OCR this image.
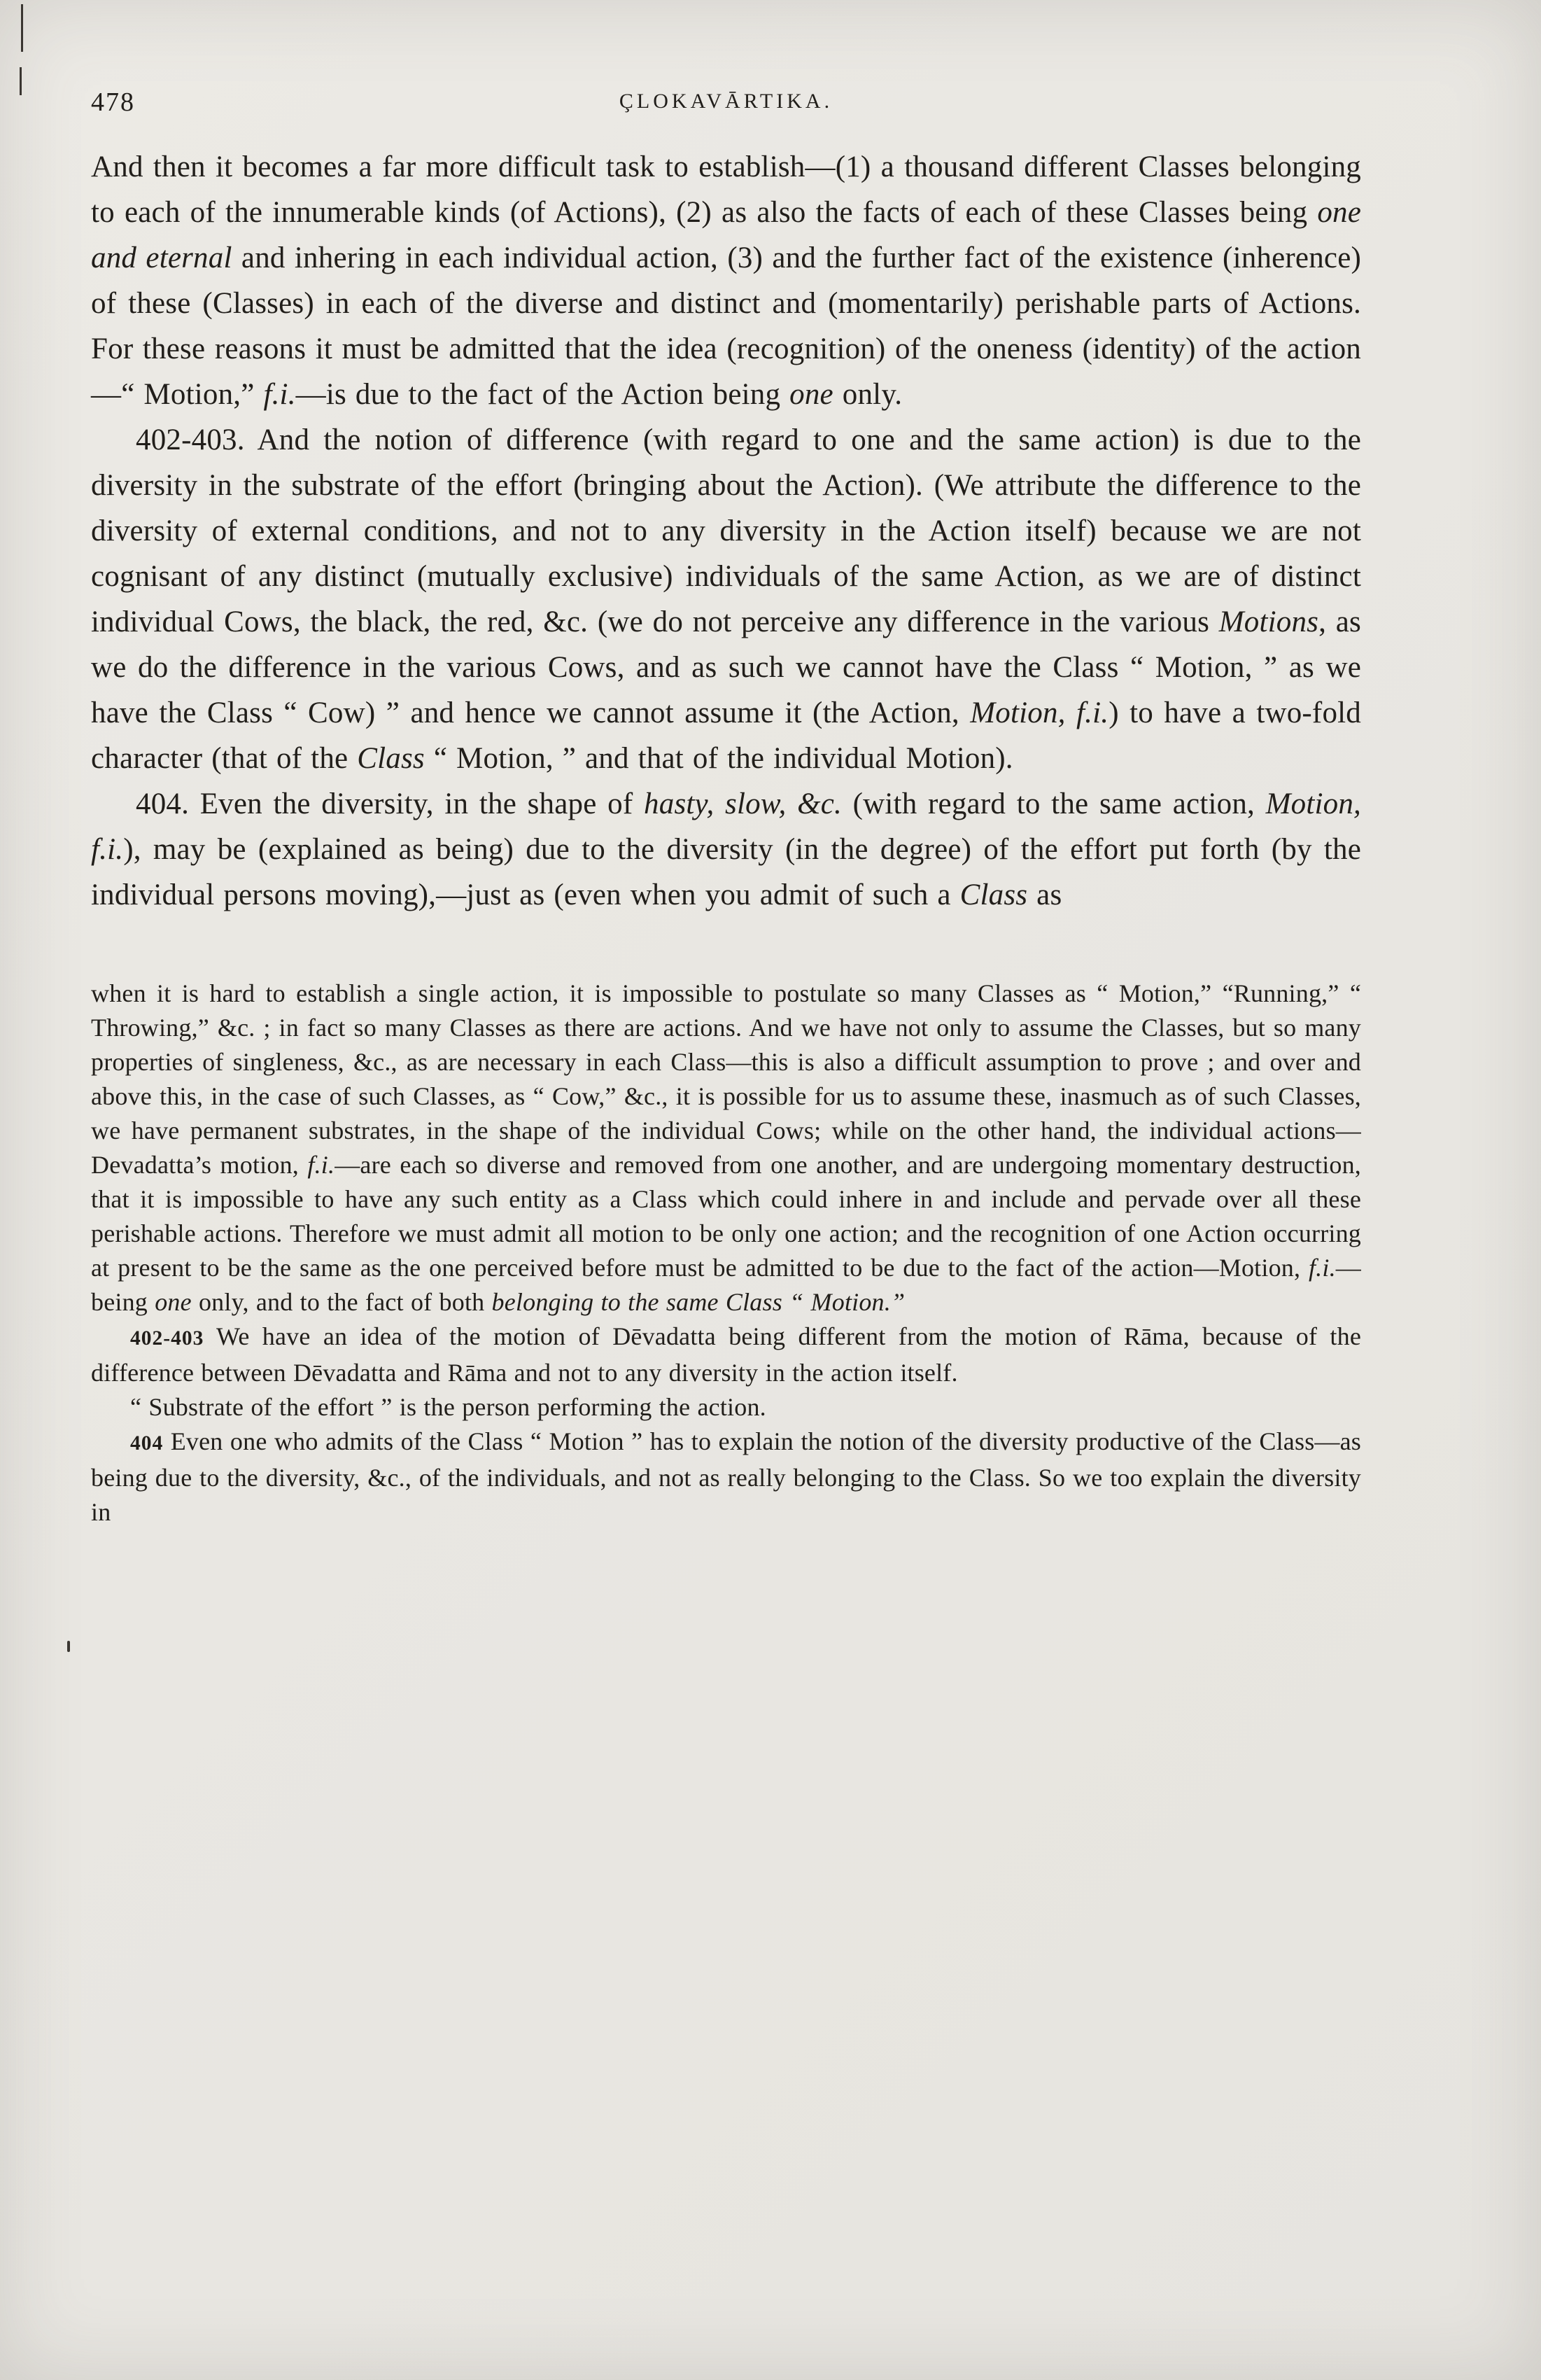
478	ÇLOKAVĀRTIKA.

And then it becomes a far more difficult task to establish—(1) a thousand different Classes belonging to each of the innumerable kinds (of Actions), (2) as also the facts of each of these Classes being one and eternal and inhering in each individual action, (3) and the further fact of the existence (inherence) of these (Classes) in each of the diverse and distinct and (momentarily) perishable parts of Actions. For these reasons it must be admitted that the idea (recognition) of the oneness (identity) of the action —“ Motion,” f.i.—is due to the fact of the Action being one only.

402-403. And the notion of difference (with regard to one and the same action) is due to the diversity in the substrate of the effort (bringing about the Action). (We attribute the difference to the diversity of external conditions, and not to any diversity in the Action itself) because we are not cognisant of any distinct (mutually exclusive) individuals of the same Action, as we are of distinct individual Cows, the black, the red, &c. (we do not perceive any difference in the various Motions, as we do the difference in the various Cows, and as such we cannot have the Class “ Motion, ” as we have the Class “ Cow) ” and hence we cannot assume it (the Action, Motion, f.i.) to have a two-fold character (that of the Class “ Motion, ” and that of the individual Motion).

404. Even the diversity, in the shape of hasty, slow, &c. (with regard to the same action, Motion, f.i.), may be (explained as being) due to the diversity (in the degree) of the effort put forth (by the individual persons moving),—just as (even when you admit of such a Class as

when it is hard to establish a single action, it is impossible to postulate so many Classes as “ Motion,” “Running,” “ Throwing,” &c. ; in fact so many Classes as there are actions. And we have not only to assume the Classes, but so many properties of singleness, &c., as are necessary in each Class—this is also a difficult assumption to prove ; and over and above this, in the case of such Classes, as “ Cow,” &c., it is possible for us to assume these, inasmuch as of such Classes, we have permanent substrates, in the shape of the individual Cows; while on the other hand, the individual actions—Devadatta’s motion, f.i.—are each so diverse and removed from one another, and are undergoing momentary destruction, that it is impossible to have any such entity as a Class which could inhere in and include and pervade over all these perishable actions. Therefore we must admit all motion to be only one action; and the recognition of one Action occurring at present to be the same as the one perceived before must be admitted to be due to the fact of the action—Motion, f.i.—being one only, and to the fact of both belonging to the same Class “ Motion.”

402-403 We have an idea of the motion of Dēvadatta being different from the motion of Rāma, because of the difference between Dēvadatta and Rāma and not to any diversity in the action itself.

“ Substrate of the effort ” is the person performing the action.

404 Even one who admits of the Class “ Motion ” has to explain the notion of the diversity productive of the Class—as being due to the diversity, &c., of the individuals, and not as really belonging to the Class. So we too explain the diversity in
